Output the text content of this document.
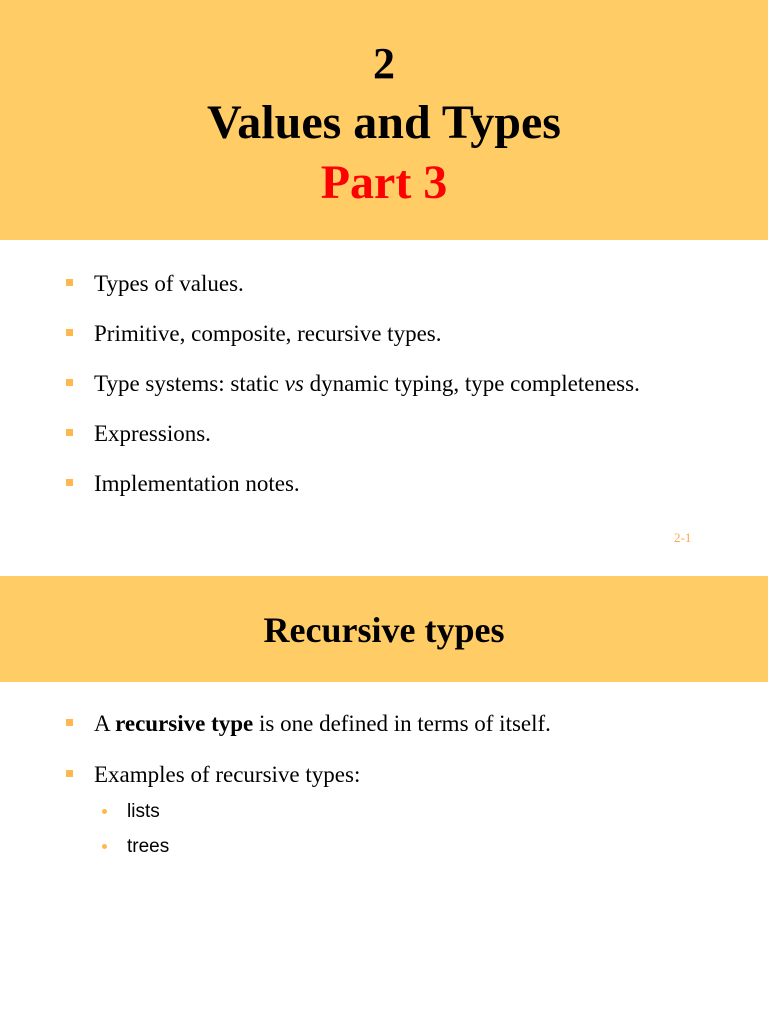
2
Values and Types
Part 3
Types of values.
Primitive, composite, recursive types.
Type systems: static vs dynamic typing, type completeness.
Expressions.
Implementation notes.
2-1
Recursive types
A recursive type is one defined in terms of itself.
Examples of recursive types:
lists
trees
